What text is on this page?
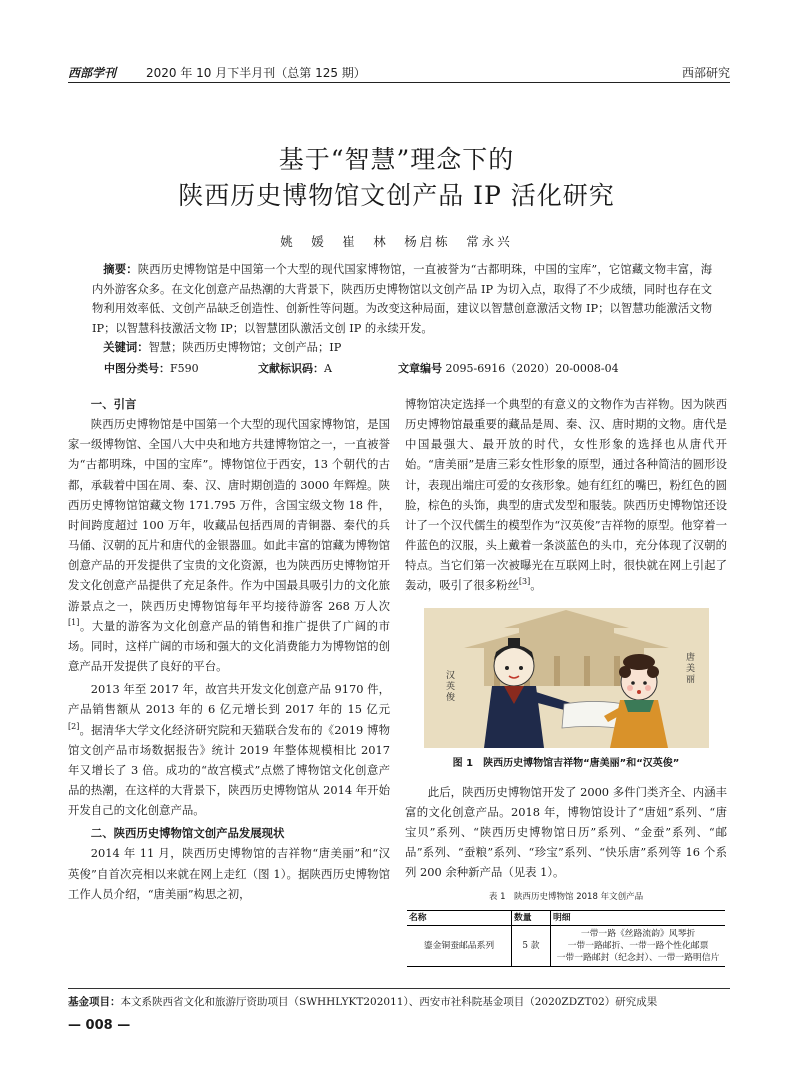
西部学刊 2020 年 10 月下半月刊（总第 125 期）	西部研究
基于“智慧”理念下的
陕西历史博物馆文创产品 IP 活化研究
姚　媛　崔　林　杨启栋　常永兴
摘要：陕西历史博物馆是中国第一个大型的现代国家博物馆，一直被誉为“古都明珠，中国的宝库”，它馆藏文物丰富，海内外游客众多。在文化创意产品热潮的大背景下，陕西历史博物馆以文创产品 IP 为切入点，取得了不少成绩，同时也存在文物利用效率低、文创产品缺乏创造性、创新性等问题。为改变这种局面，建议以智慧创意激活文物 IP；以智慧功能激活文物 IP；以智慧科技激活文物 IP；以智慧团队激活文创 IP 的永续开发。
关键词：智慧；陕西历史博物馆；文创产品；IP
中图分类号：F590	文献标识码：A	文章编号 2095-6916（2020）20-0008-04
一、引言

陕西历史博物馆是中国第一个大型的现代国家博物馆，是国家一级博物馆、全国八大中央和地方共建博物馆之一，一直被誉为“古都明珠，中国的宝库”。博物馆位于西安，13 个朝代的古都，承载着中国在周、秦、汉、唐时期创造的 3000 年辉煌。陕西历史博物馆馆藏文物 171.795 万件，含国宝级文物 18 件，时间跨度超过 100 万年，收藏品包括西周的青铜器、秦代的兵马俑、汉朝的瓦片和唐代的金银器皿。如此丰富的馆藏为博物馆创意产品的开发提供了宝贵的文化资源，也为陕西历史博物馆开发文化创意产品提供了充足条件。作为中国最具吸引力的文化旅游景点之一，陕西历史博物馆每年平均接待游客 268 万人次[1]。大量的游客为文化创意产品的销售和推广提供了广阔的市场。同时，这样广阔的市场和强大的文化消费能力为博物馆的创意产品开发提供了良好的平台。

2013 年至 2017 年，故宫共开发文化创意产品 9170 件，产品销售额从 2013 年的 6 亿元增长到 2017 年的 15 亿元[2]。据清华大学文化经济研究院和天猫联合发布的《2019 博物馆文创产品市场数据报告》统计 2019 年整体规模相比 2017 年又增长了 3 倍。成功的“故宫模式”点燃了博物馆文化创意产品的热潮，在这样的大背景下，陕西历史博物馆从 2014 年开始开发自己的文化创意产品。

二、陕西历史博物馆文创产品发展现状

2014 年 11 月，陕西历史博物馆的吉祥物“唐美丽”和“汉英俊”自首次亮相以来就在网上走红（图 1）。据陕西历史博物馆工作人员介绍，“唐美丽”构思之初，

博物馆决定选择一个典型的有意义的文物作为吉祥物。因为陕西历史博物馆最重要的藏品是周、秦、汉、唐时期的文物。唐代是中国最强大、最开放的时代，女性形象的选择也从唐代开始。“唐美丽”是唐三彩女性形象的原型，通过各种简洁的圆形设计，表现出端庄可爱的女孩形象。她有红红的嘴巴，粉红色的圆脸，棕色的头饰，典型的唐式发型和服装。陕西历史博物馆还设计了一个汉代儒生的模型作为“汉英俊”吉祥物的原型。他穿着一件蓝色的汉服，头上戴着一条淡蓝色的头巾，充分体现了汉朝的特点。当它们第一次被曝光在互联网上时，很快就在网上引起了轰动，吸引了很多粉丝[3]。

汉英俊
唐美丽
图 1　陕西历史博物馆吉祥物“唐美丽”和“汉英俊”

此后，陕西历史博物馆开发了 2000 多件门类齐全、内涵丰富的文化创意产品。2018 年，博物馆设计了“唐妞”系列、“唐宝贝”系列、“陕西历史博物馆日历”系列、“金蚕”系列、“邮品”系列、“蚕粮”系列、“珍宝”系列、“快乐唐”系列等 16 个系列 200 余种新产品（见表 1）。

表 1　陕西历史博物馆 2018 年文创产品
名称	数量	明细
鎏金铜蚕邮品系列	5 款	一带一路《丝路流韵》风琴折
一带一路邮折、一带一路个性化邮票
一带一路邮封（纪念封）、一带一路明信片
基金项目：本文系陕西省文化和旅游厅资助项目（SWHHLYKT202011）、西安市社科院基金项目（2020ZDZT02）研究成果
— 008 —
